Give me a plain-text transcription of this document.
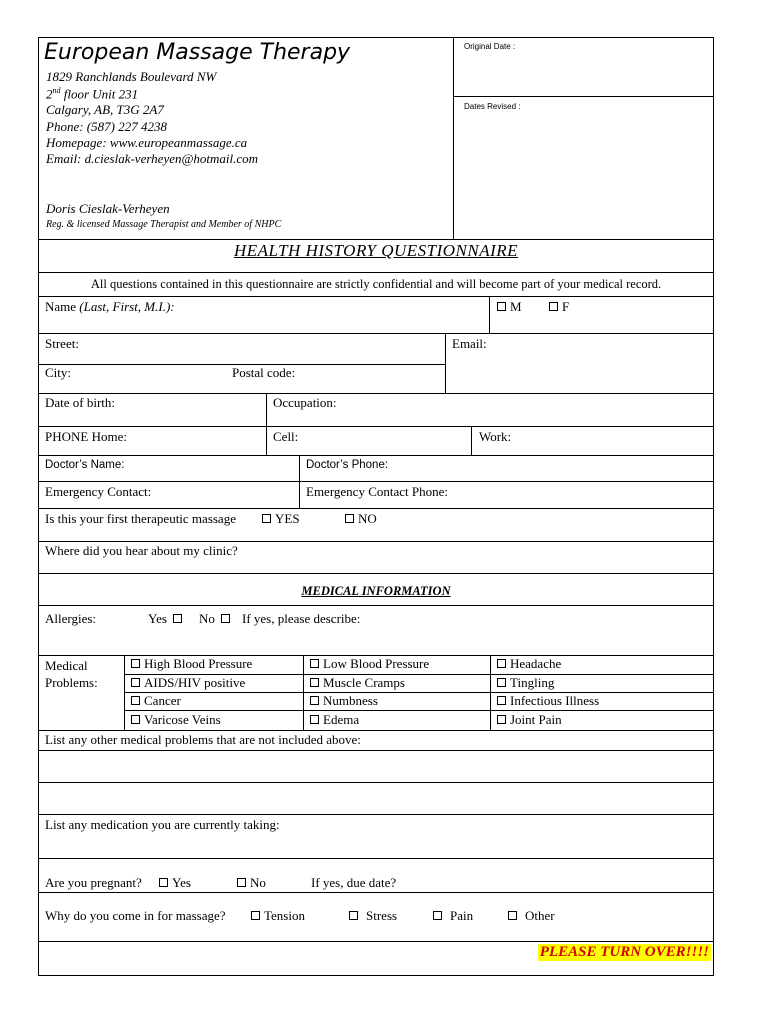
European Massage Therapy
1829 Ranchlands Boulevard NW
2nd floor Unit 231
Calgary, AB, T3G 2A7
Phone: (587) 227 4238
Homepage: www.europeanmassage.ca
Email: d.cieslak-verheyen@hotmail.com
Doris Cieslak-Verheyen
Reg. & licensed Massage Therapist and Member of NHPC
Original Date :
Dates Revised :
HEALTH HISTORY QUESTIONNAIRE
All questions contained in this questionnaire are strictly confidential and will become part of your medical record.
Name (Last, First, M.I.):	M	F
Street:	Email:
City:	Postal code:
Date of birth:	Occupation:
PHONE Home:	Cell:	Work:
Doctor’s Name:	Doctor’s Phone:
Emergency Contact:	Emergency Contact Phone:
Is this your first therapeutic massage	YES	NO
Where did you hear about my clinic?
MEDICAL INFORMATION
Allergies:	Yes	No	If yes, please describe:
Medical
Problems:
High Blood Pressure	Low Blood Pressure	Headache
AIDS/HIV positive	Muscle Cramps	Tingling
Cancer	Numbness	Infectious Illness
Varicose Veins	Edema	Joint Pain
List any other medical problems that are not included above:
List any medication you are currently taking:
Are you pregnant?	Yes	No	If yes, due date?
Why do you come in for massage?	Tension	Stress	Pain	Other
PLEASE TURN OVER!!!!
